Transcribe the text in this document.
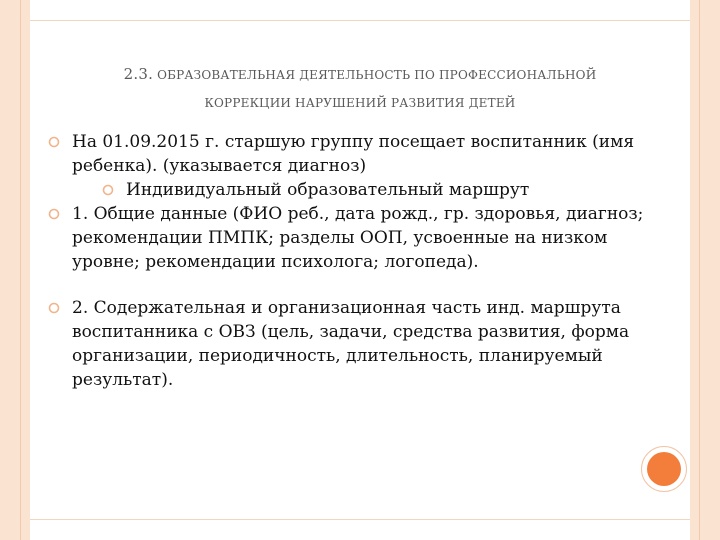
2.3. ОБРАЗОВАТЕЛЬНАЯ ДЕЯТЕЛЬНОСТЬ ПО ПРОФЕССИОНАЛЬНОЙ
КОРРЕКЦИИ НАРУШЕНИЙ РАЗВИТИЯ ДЕТЕЙ
На 01.09.2015 г. старшую группу посещает воспитанник (имя ребенка). (указывается диагноз)
Индивидуальный образовательный маршрут
1. Общие данные (ФИО реб., дата рожд., гр. здоровья, диагноз; рекомендации ПМПК; разделы ООП, усвоенные на низком уровне; рекомендации психолога; логопеда).
2. Содержательная и организационная часть инд. маршрута воспитанника с ОВЗ (цель, задачи, средства развития, форма организации, периодичность, длительность, планируемый результат).
